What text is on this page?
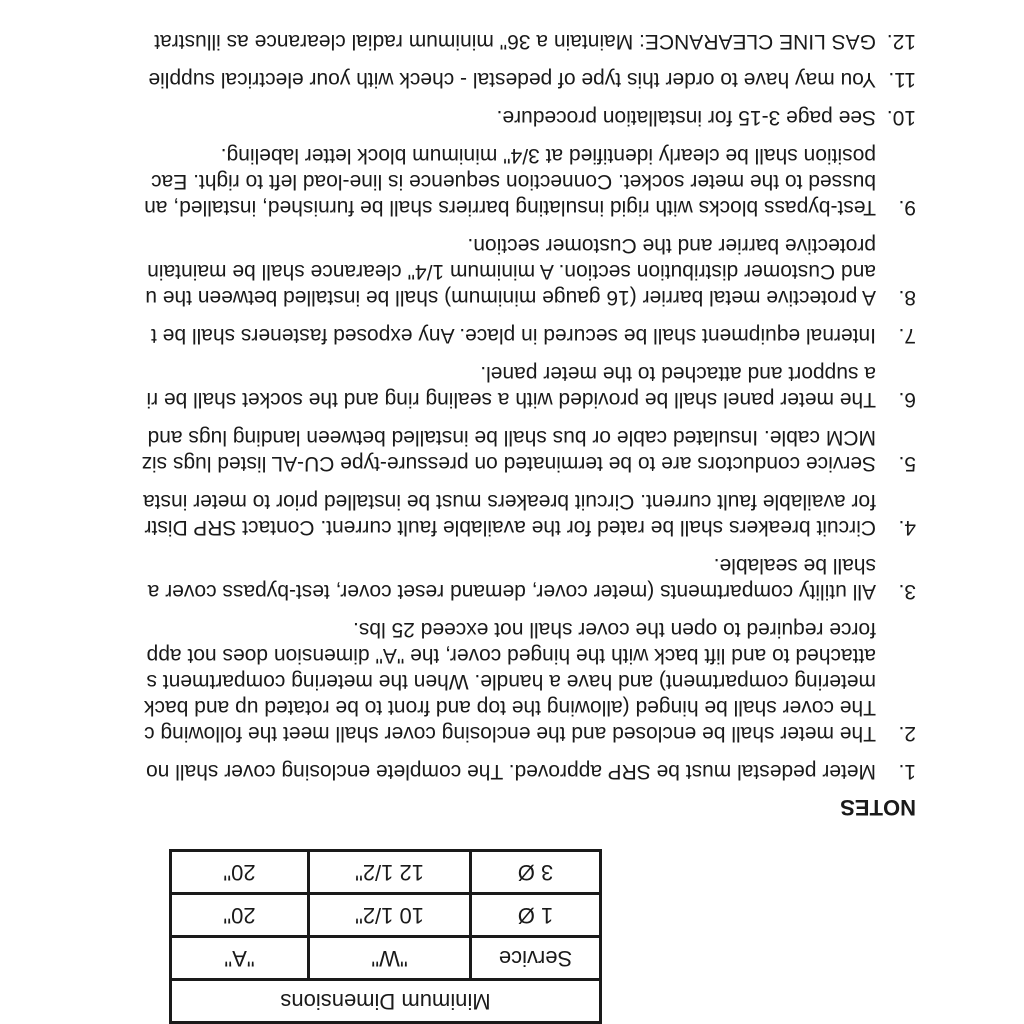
Minimum Dimensions		
Service	"W"	"A"
1 Ø	10 1/2"	20"
3 Ø	12 1/2"	20"
NOTES
1.
Meter pedestal must be SRP approved. The complete enclosing cover shall no
2.
The meter shall be enclosed and the enclosing cover shall meet the following c
The cover shall be hinged (allowing the top and front to be rotated up and back
metering compartment) and have a handle. When the metering compartment s
attached to and lift back with the hinged cover, the "A" dimension does not app
force required to open the cover shall not exceed 25 lbs.
3.
All utility compartments (meter cover, demand reset cover, test-bypass cover a
shall be sealable.
4.
Circuit breakers shall be rated for the available fault current. Contact SRP Distr
for available fault current. Circuit breakers must be installed prior to meter insta
5.
Service conductors are to be terminated on pressure-type CU-AL listed lugs siz
MCM cable. Insulated cable or bus shall be installed between landing lugs and
6.
The meter panel shall be provided with a sealing ring and the socket shall be ri
a support and attached to the meter panel.
7.
Internal equipment shall be secured in place. Any exposed fasteners shall be t
8.
A protective metal barrier (16 gauge minimum) shall be installed between the u
and Customer distribution section. A minimum 1/4" clearance shall be maintain
protective barrier and the Customer section.
9.
Test-bypass blocks with rigid insulating barriers shall be furnished, installed, an
bussed to the meter socket. Connection sequence is line-load left to right. Eac
position shall be clearly identified at 3/4" minimum block letter labeling.
10.
See page 3-15 for installation procedure.
11.
You may have to order this type of pedestal - check with your electrical supplie
12.
GAS LINE CLEARANCE: Maintain a 36" minimum radial clearance as illustrat
